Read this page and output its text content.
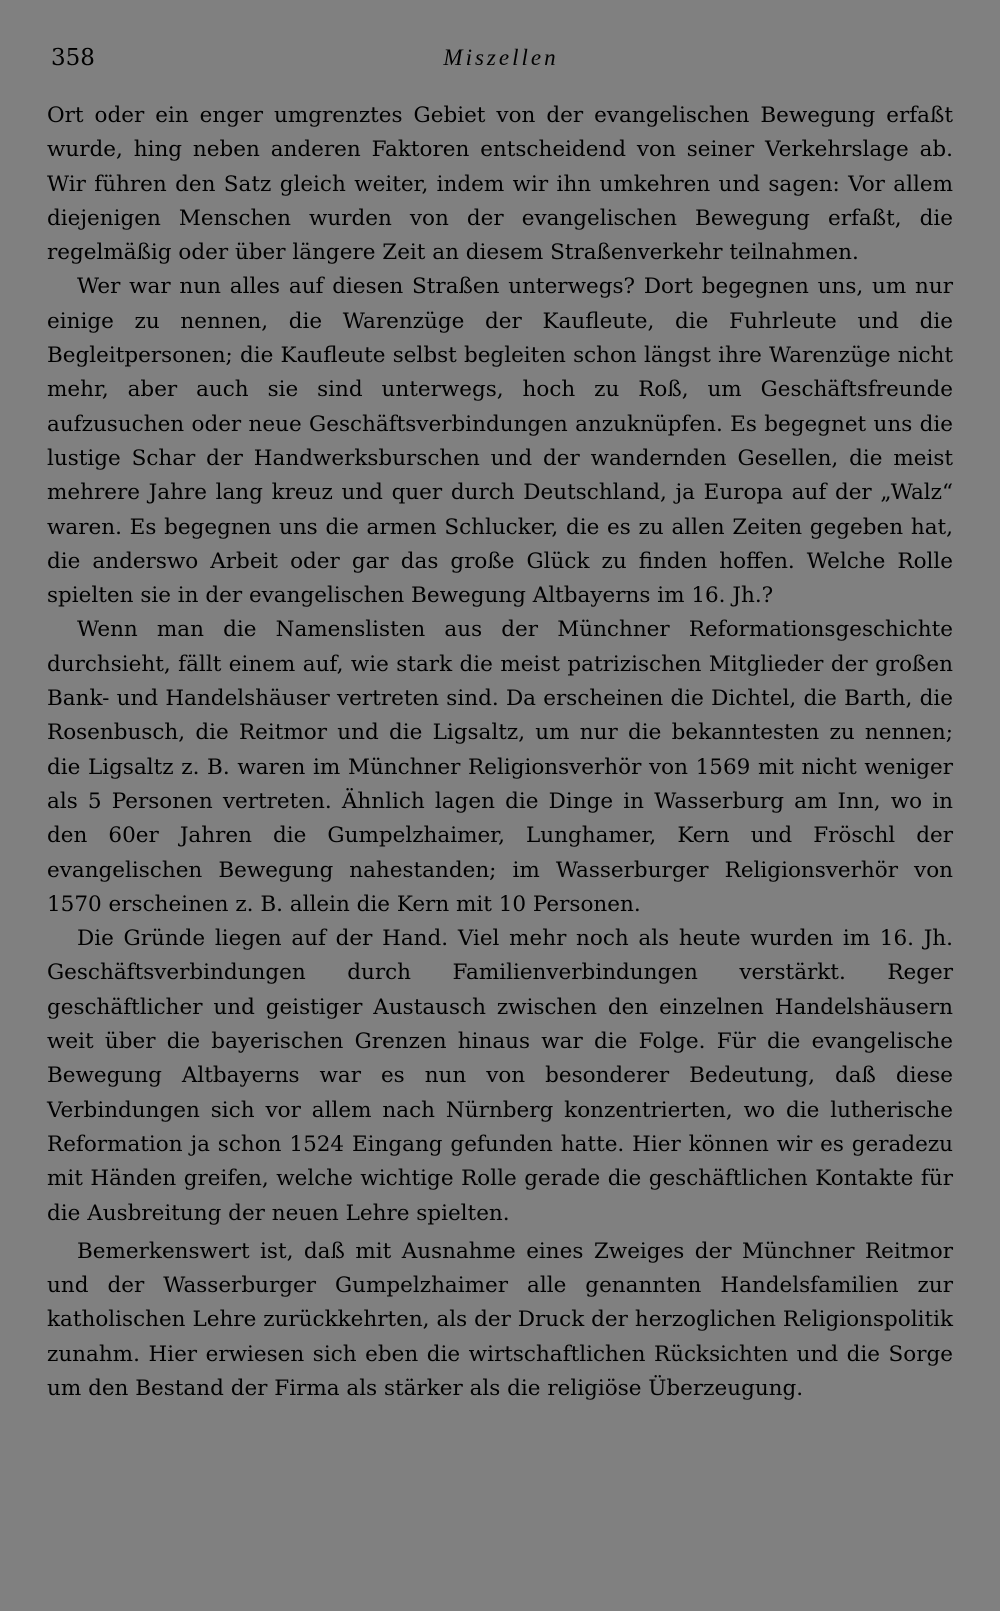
358	Miszellen

Ort oder ein enger umgrenztes Gebiet von der evangelischen Bewegung erfaßt wurde, hing neben anderen Faktoren entscheidend von seiner Verkehrslage ab. Wir führen den Satz gleich weiter, indem wir ihn umkehren und sagen: Vor allem diejenigen Menschen wurden von der evangelischen Bewegung erfaßt, die regelmäßig oder über längere Zeit an diesem Straßenverkehr teilnahmen.

Wer war nun alles auf diesen Straßen unterwegs? Dort begegnen uns, um nur einige zu nennen, die Warenzüge der Kaufleute, die Fuhrleute und die Begleitpersonen; die Kaufleute selbst begleiten schon längst ihre Warenzüge nicht mehr, aber auch sie sind unterwegs, hoch zu Roß, um Geschäftsfreunde aufzusuchen oder neue Geschäftsverbindungen anzuknüpfen. Es begegnet uns die lustige Schar der Handwerksburschen und der wandernden Gesellen, die meist mehrere Jahre lang kreuz und quer durch Deutschland, ja Europa auf der „Walz“ waren. Es begegnen uns die armen Schlucker, die es zu allen Zeiten gegeben hat, die anderswo Arbeit oder gar das große Glück zu finden hoffen. Welche Rolle spielten sie in der evangelischen Bewegung Altbayerns im 16. Jh.?

Wenn man die Namenslisten aus der Münchner Reformationsgeschichte durchsieht, fällt einem auf, wie stark die meist patrizischen Mitglieder der großen Bank- und Handelshäuser vertreten sind. Da erscheinen die Dichtel, die Barth, die Rosenbusch, die Reitmor und die Ligsaltz, um nur die bekanntesten zu nennen; die Ligsaltz z. B. waren im Münchner Religionsverhör von 1569 mit nicht weniger als 5 Personen vertreten. Ähnlich lagen die Dinge in Wasserburg am Inn, wo in den 60er Jahren die Gumpelzhaimer, Lunghamer, Kern und Fröschl der evangelischen Bewegung nahestanden; im Wasserburger Religionsverhör von 1570 erscheinen z. B. allein die Kern mit 10 Personen.

Die Gründe liegen auf der Hand. Viel mehr noch als heute wurden im 16. Jh. Geschäftsverbindungen durch Familienverbindungen verstärkt. Reger geschäftlicher und geistiger Austausch zwischen den einzelnen Handelshäusern weit über die bayerischen Grenzen hinaus war die Folge. Für die evangelische Bewegung Altbayerns war es nun von besonderer Bedeutung, daß diese Verbindungen sich vor allem nach Nürnberg konzentrierten, wo die lutherische Reformation ja schon 1524 Eingang gefunden hatte. Hier können wir es geradezu mit Händen greifen, welche wichtige Rolle gerade die geschäftlichen Kontakte für die Ausbreitung der neuen Lehre spielten.

Bemerkenswert ist, daß mit Ausnahme eines Zweiges der Münchner Reitmor und der Wasserburger Gumpelzhaimer alle genannten Handelsfamilien zur katholischen Lehre zurückkehrten, als der Druck der herzoglichen Religionspolitik zunahm. Hier erwiesen sich eben die wirtschaftlichen Rücksichten und die Sorge um den Bestand der Firma als stärker als die religiöse Überzeugung.
